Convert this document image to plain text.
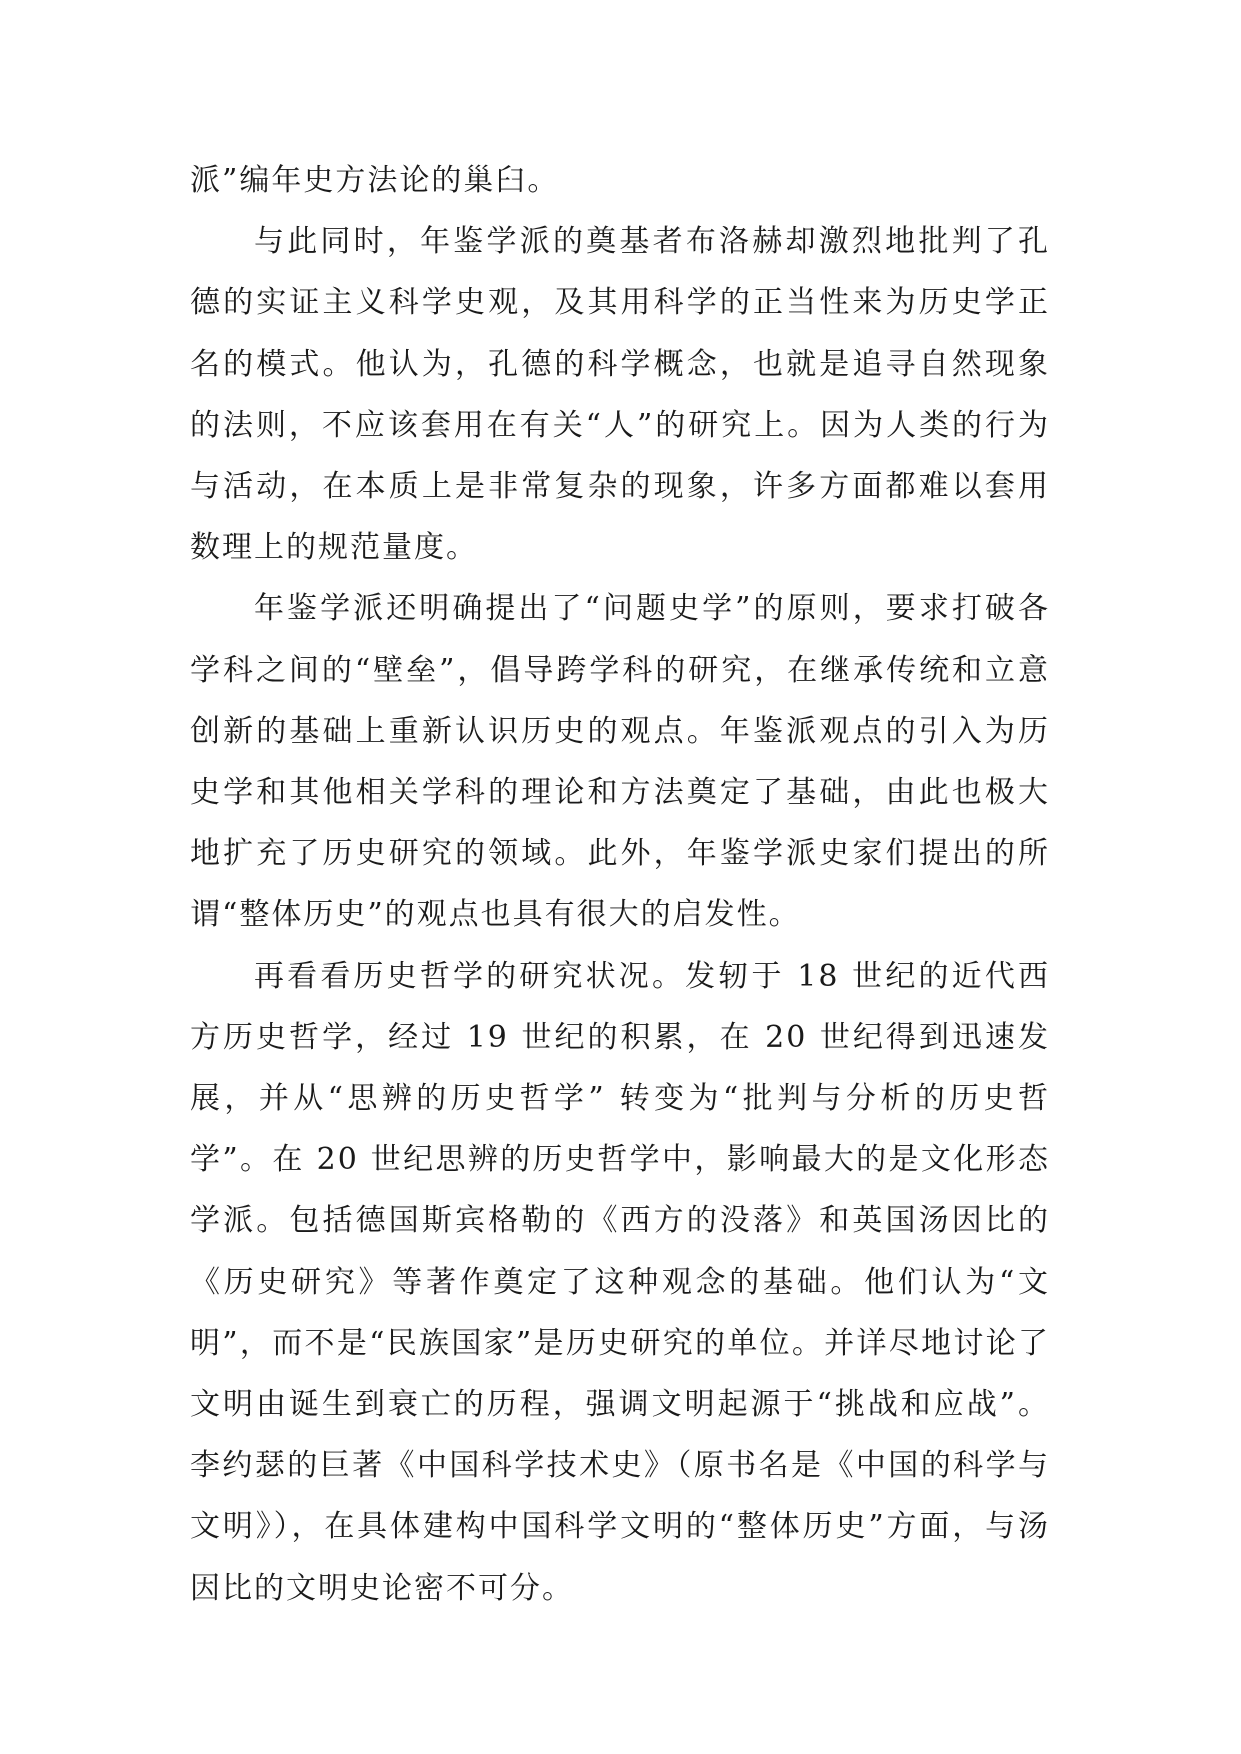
派”编年史方法论的巢臼。

与此同时，年鉴学派的奠基者布洛赫却激烈地批判了孔德的实证主义科学史观，及其用科学的正当性来为历史学正名的模式。他认为，孔德的科学概念，也就是追寻自然现象的法则，不应该套用在有关“人”的研究上。因为人类的行为与活动，在本质上是非常复杂的现象，许多方面都难以套用数理上的规范量度。

年鉴学派还明确提出了“问题史学”的原则，要求打破各学科之间的“壁垒”，倡导跨学科的研究，在继承传统和立意创新的基础上重新认识历史的观点。年鉴派观点的引入为历史学和其他相关学科的理论和方法奠定了基础，由此也极大地扩充了历史研究的领域。此外，年鉴学派史家们提出的所谓“整体历史”的观点也具有很大的启发性。

再看看历史哲学的研究状况。发轫于 18 世纪的近代西方历史哲学，经过 19 世纪的积累，在 20 世纪得到迅速发展，并从“思辨的历史哲学” 转变为“批判与分析的历史哲学”。在 20 世纪思辨的历史哲学中，影响最大的是文化形态学派。包括德国斯宾格勒的《西方的没落》和英国汤因比的《历史研究》等著作奠定了这种观念的基础。他们认为“文明”，而不是“民族国家”是历史研究的单位。并详尽地讨论了文明由诞生到衰亡的历程，强调文明起源于“挑战和应战”。李约瑟的巨著《中国科学技术史》（原书名是《中国的科学与文明》），在具体建构中国科学文明的“整体历史”方面，与汤因比的文明史论密不可分。
